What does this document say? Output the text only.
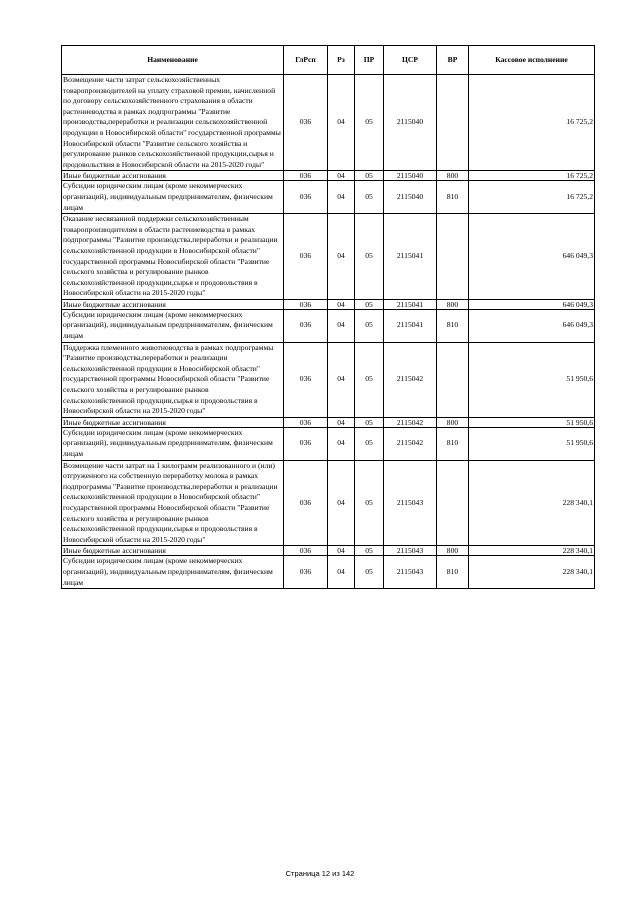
Наименование	ГлРсп	Рз	ПР	ЦСР	ВР	Кассовое исполнение
Возмещение части затрат сельскохозяйственных товаропроизводителей на уплату страховой премии, начисленной по договору сельскохозяйственного страхования в области растениеводства в рамках подпрограммы "Развитие производства,переработки и реализации сельскохозяйственной продукции в Новосибирской области" государственной программы Новосибирской области "Развитие сельского хозяйства и регулирование рынков сельскохозяйственной продукции,сырья и продовольствия в Новосибирской области на 2015-2020 годы"	036	04	05	2115040		16 725,2
Иные бюджетные ассигнования	036	04	05	2115040	800	16 725,2
Субсидии юридическим лицам (кроме некоммерческих организаций), индивидуальным предпринимателям, физическим лицам	036	04	05	2115040	810	16 725,2
Оказание несвязанной поддержки сельскохозяйственным товаропроизводителям в области растениеводства в рамках подпрограммы "Развитие производства,переработки и реализации сельскохозяйственной продукции в Новосибирской области" государственной программы Новосибирской области "Развитие сельского хозяйства и регулирование рынков сельскохозяйственной продукции,сырья и продовольствия в Новосибирской области на 2015-2020 годы"	036	04	05	2115041		646 049,3
Иные бюджетные ассигнования	036	04	05	2115041	800	646 049,3
Субсидии юридическим лицам (кроме некоммерческих организаций), индивидуальным предпринимателям, физическим лицам	036	04	05	2115041	810	646 049,3
Поддержка племенного животноводства в рамках подпрограммы "Развитие производства,переработки и реализации сельскохозяйственной продукции в Новосибирской области" государственной программы Новосибирской области "Развитие сельского хозяйства и регулирование рынков сельскохозяйственной продукции,сырья и продовольствия в Новосибирской области на 2015-2020 годы"	036	04	05	2115042		51 950,6
Иные бюджетные ассигнования	036	04	05	2115042	800	51 950,6
Субсидии юридическим лицам (кроме некоммерческих организаций), индивидуальным предпринимателям, физическим лицам	036	04	05	2115042	810	51 950,6
Возмещение части затрат на 1 килограмм реализованного и (или) отгруженного на собственную переработку молока в рамках подпрограммы "Развитие производства,переработки и реализации сельскохозяйственной продукции в Новосибирской области" государственной программы Новосибирской области "Развитие сельского хозяйства и регулирование рынков сельскохозяйственной продукции,сырья и продовольствия в Новосибирской области на 2015-2020 годы"	036	04	05	2115043		228 340,1
Иные бюджетные ассигнования	036	04	05	2115043	800	228 340,1
Субсидии юридическим лицам (кроме некоммерческих организаций), индивидуальным предпринимателям, физическим лицам	036	04	05	2115043	810	228 340,1
Страница 12 из 142
